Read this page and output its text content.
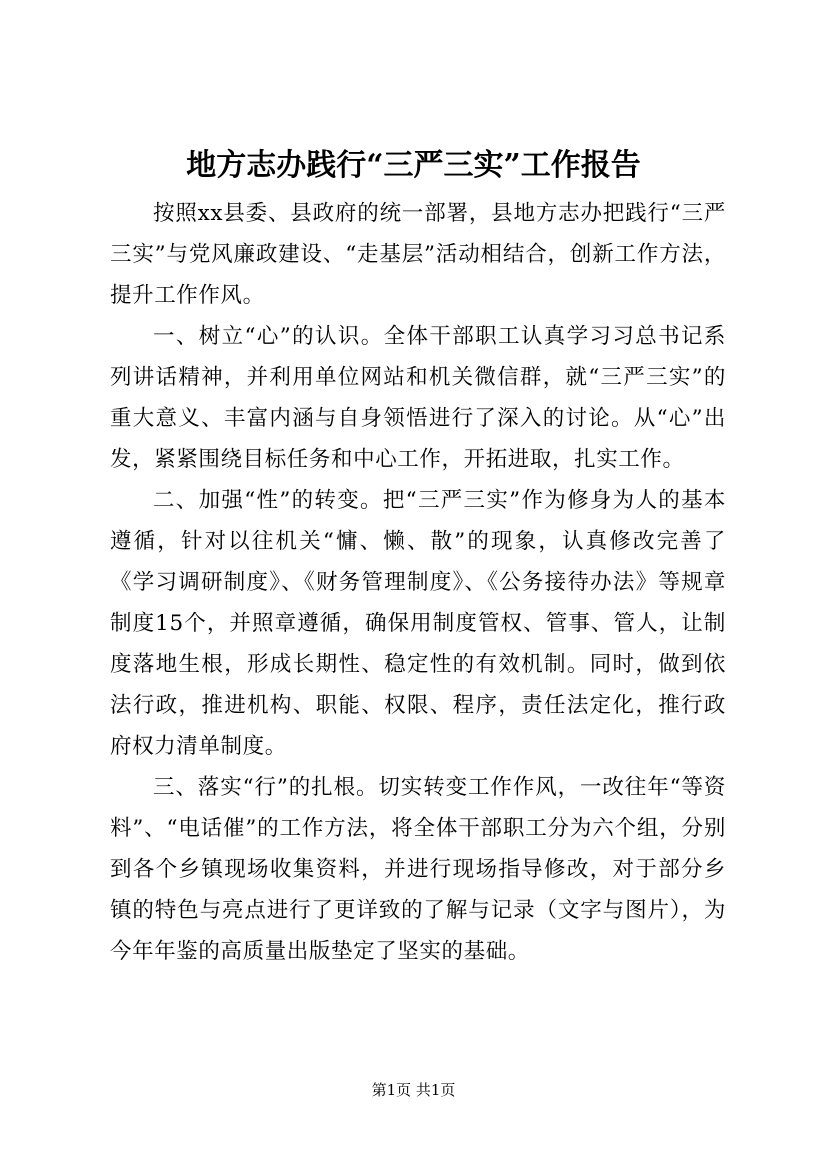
地方志办践行“三严三实”工作报告

按照xx县委、县政府的统一部署，县地方志办把践行“三严三实”与党风廉政建设、“走基层”活动相结合，创新工作方法，提升工作作风。

一、树立“心”的认识。全体干部职工认真学习习总书记系列讲话精神，并利用单位网站和机关微信群，就“三严三实”的重大意义、丰富内涵与自身领悟进行了深入的讨论。从“心”出发，紧紧围绕目标任务和中心工作，开拓进取，扎实工作。

二、加强“性”的转变。把“三严三实”作为修身为人的基本遵循，针对以往机关“慵、懒、散”的现象，认真修改完善了《学习调研制度》、《财务管理制度》、《公务接待办法》等规章制度15个，并照章遵循，确保用制度管权、管事、管人，让制度落地生根，形成长期性、稳定性的有效机制。同时，做到依法行政，推进机构、职能、权限、程序，责任法定化，推行政府权力清单制度。

三、落实“行”的扎根。切实转变工作作风，一改往年“等资料”、“电话催”的工作方法，将全体干部职工分为六个组，分别到各个乡镇现场收集资料，并进行现场指导修改，对于部分乡镇的特色与亮点进行了更详致的了解与记录（文字与图片），为今年年鉴的高质量出版垫定了坚实的基础。

第1页 共1页
